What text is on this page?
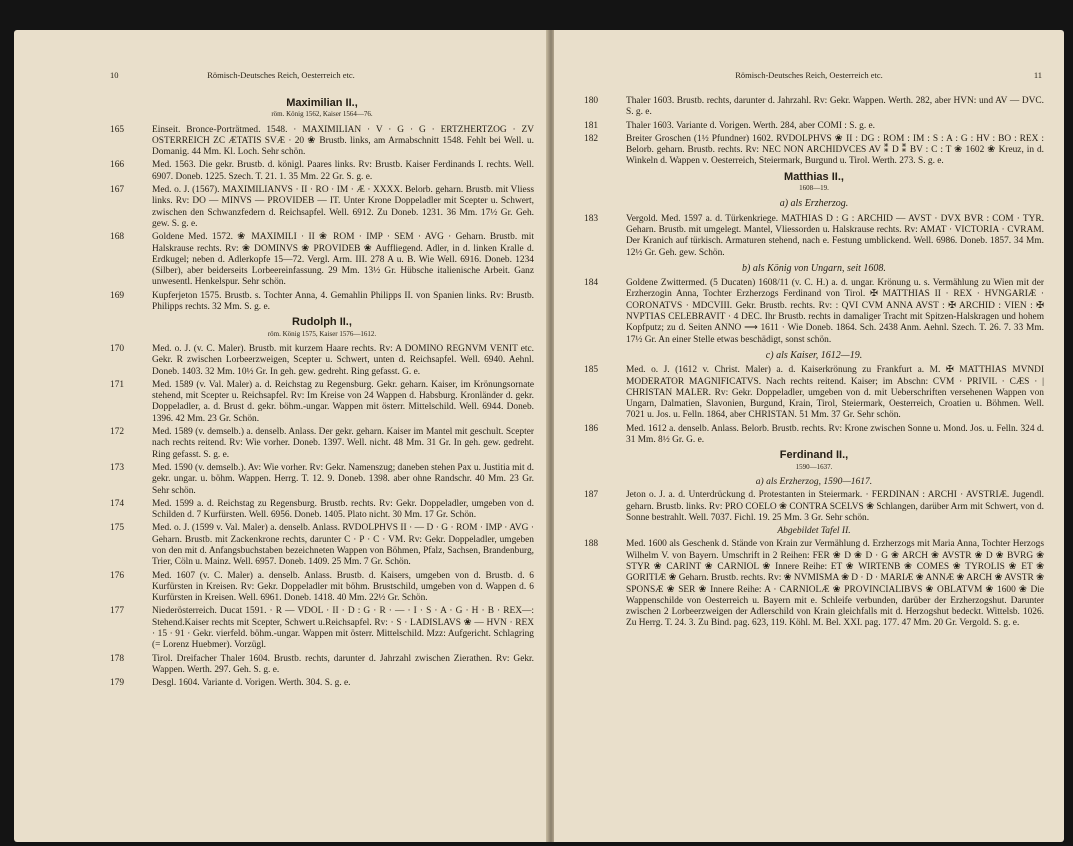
10	Römisch-Deutsches Reich, Oesterreich etc.
Maximilian II.,
röm. König 1562, Kaiser 1564—76.
165	Einseit. Bronce-Porträtmed. 1548. · MAXIMILIAN · V · G · G · ERTZHERTZOG · ZV OSTERREICH ZC ÆTATIS SVÆ · 20 ❀ Brustb. links, am Armabschnitt 1548. Fehlt bei Well. u. Domanig. 44 Mm. Kl. Loch. Sehr schön.
166	Med. 1563. Die gekr. Brustb. d. königl. Paares links. Rv: Brustb. Kaiser Ferdinands I. rechts. Well. 6907. Doneb. 1225. Szech. T. 21. 1. 35 Mm. 22 Gr. S. g. e.
167	Med. o. J. (1567). MAXIMILIANVS · II · RO · IM · Æ · XXXX. Belorb. geharn. Brustb. mit Vliess links. Rv: DO — MINVS — PROVIDEB — IT. Unter Krone Doppeladler mit Scepter u. Schwert, zwischen den Schwanzfedern d. Reichsapfel. Well. 6912. Zu Doneb. 1231. 36 Mm. 17½ Gr. Geh. gew. S. g. e.
168	Goldene Med. 1572. ❀ MAXIMILI · II ❀ ROM · IMP · SEM · AVG · Geharn. Brustb. mit Halskrause rechts. Rv: ❀ DOMINVS ❀ PROVIDEB ❀ Auffliegend. Adler, in d. linken Kralle d. Erdkugel; neben d. Adlerkopfe 15—72. Vergl. Arm. III. 278 A u. B. Wie Well. 6916. Doneb. 1234 (Silber), aber beiderseits Lorbeereinfassung. 29 Mm. 13½ Gr. Hübsche italienische Arbeit. Ganz unwesentl. Henkelspur. Sehr schön.
169	Kupferjeton 1575. Brustb. s. Tochter Anna, 4. Gemahlin Philipps II. von Spanien links. Rv: Brustb. Philipps rechts. 32 Mm. S. g. e.
Rudolph II.,
röm. König 1575, Kaiser 1576—1612.
170	Med. o. J. (v. C. Maler). Brustb. mit kurzem Haare rechts. Rv: A DOMINO REGNVM VENIT etc. Gekr. R zwischen Lorbeerzweigen, Scepter u. Schwert, unten d. Reichsapfel. Well. 6940. Aehnl. Doneb. 1403. 32 Mm. 10½ Gr. In geh. gew. gedreht. Ring gefasst. G. e.
171	Med. 1589 (v. Val. Maler) a. d. Reichstag zu Regensburg. Gekr. geharn. Kaiser, im Krönungsornate stehend, mit Scepter u. Reichsapfel. Rv: Im Kreise von 24 Wappen d. Habsburg. Kronländer d. gekr. Doppeladler, a. d. Brust d. gekr. böhm.-ungar. Wappen mit österr. Mittelschild. Well. 6944. Doneb. 1396. 42 Mm. 23 Gr. Schön.
172	Med. 1589 (v. demselb.) a. denselb. Anlass. Der gekr. geharn. Kaiser im Mantel mit geschult. Scepter nach rechts reitend. Rv: Wie vorher. Doneb. 1397. Well. nicht. 48 Mm. 31 Gr. In geh. gew. gedreht. Ring gefasst. S. g. e.
173	Med. 1590 (v. demselb.). Av: Wie vorher. Rv: Gekr. Namenszug; daneben stehen Pax u. Justitia mit d. gekr. ungar. u. böhm. Wappen. Herrg. T. 12. 9. Doneb. 1398. aber ohne Randschr. 40 Mm. 23 Gr. Sehr schön.
174	Med. 1599 a. d. Reichstag zu Regensburg. Brustb. rechts. Rv: Gekr. Doppeladler, umgeben von d. Schilden d. 7 Kurfürsten. Well. 6956. Doneb. 1405. Plato nicht. 30 Mm. 17 Gr. Schön.
175	Med. o. J. (1599 v. Val. Maler) a. denselb. Anlass. RVDOLPHVS II · — D · G · ROM · IMP · AVG · Geharn. Brustb. mit Zackenkrone rechts, darunter C · P · C · VM. Rv: Gekr. Doppeladler, umgeben von den mit d. Anfangsbuchstaben bezeichneten Wappen von Böhmen, Pfalz, Sachsen, Brandenburg, Trier, Cöln u. Mainz. Well. 6957. Doneb. 1409. 25 Mm. 7 Gr. Schön.
176	Med. 1607 (v. C. Maler) a. denselb. Anlass. Brustb. d. Kaisers, umgeben von d. Brustb. d. 6 Kurfürsten in Kreisen. Rv: Gekr. Doppeladler mit böhm. Brustschild, umgeben von d. Wappen d. 6 Kurfürsten in Kreisen. Well. 6961. Doneb. 1418. 40 Mm. 22½ Gr. Schön.
177	Niederösterreich. Ducat 1591. · R — VDOL · II · D : G · R · — · I · S · A · G · H · B · REX—: Stehend.Kaiser rechts mit Scepter, Schwert u.Reichsapfel. Rv: · S · LADISLAVS ❀ — HVN · REX · 15 · 91 · Gekr. vierfeld. böhm.-ungar. Wappen mit österr. Mittelschild. Mzz: Aufgericht. Schlagring (= Lorenz Huebmer). Vorzügl.
178	Tirol. Dreifacher Thaler 1604. Brustb. rechts, darunter d. Jahrzahl zwischen Zierathen. Rv: Gekr. Wappen. Werth. 297. Geh. S. g. e.
179	Desgl. 1604. Variante d. Vorigen. Werth. 304. S. g. e.
Römisch-Deutsches Reich, Oesterreich etc.	11
180	Thaler 1603. Brustb. rechts, darunter d. Jahrzahl. Rv: Gekr. Wappen. Werth. 282, aber HVN: und AV — DVC. S. g. e.
181	Thaler 1603. Variante d. Vorigen. Werth. 284, aber COMI : S. g. e.
182	Breiter Groschen (1½ Pfundner) 1602. RVDOLPHVS ❀ II : DG : ROM : IM : S : A : G : HV : BO : REX : Belorb. geharn. Brustb. rechts. Rv: NEC NON ARCHIDVCES AV ⁑ D ⁑ BV : C : T ❀ 1602 ❀ Kreuz, in d. Winkeln d. Wappen v. Oesterreich, Steiermark, Burgund u. Tirol. Werth. 273. S. g. e.
Matthias II.,
1608—19.
a) als Erzherzog.
183	Vergold. Med. 1597 a. d. Türkenkriege. MATHIAS D : G : ARCHID — AVST · DVX BVR : COM · TYR. Geharn. Brustb. mit umgelegt. Mantel, Vliessorden u. Halskrause rechts. Rv: AMAT · VICTORIA · CVRAM. Der Kranich auf türkisch. Armaturen stehend, nach e. Festung umblickend. Well. 6986. Doneb. 1857. 34 Mm. 12½ Gr. Geh. gew. Schön.
b) als König von Ungarn, seit 1608.
184	Goldene Zwittermed. (5 Ducaten) 1608/11 (v. C. H.) a. d. ungar. Krönung u. s. Vermählung zu Wien mit der Erzherzogin Anna, Tochter Erzherzogs Ferdinand von Tirol. ✠ MATTHIAS II · REX · HVNGARIÆ · CORONATVS · MDCVIII. Gekr. Brustb. rechts. Rv: : QVI CVM ANNA AVST : ✠ ARCHID : VIEN : ✠ NVPTIAS CELEBRAVIT · 4 DEC. Ihr Brustb. rechts in damaliger Tracht mit Spitzen-Halskragen und hohem Kopfputz; zu d. Seiten ANNO ⟶ 1611 · Wie Doneb. 1864. Sch. 2438 Anm. Aehnl. Szech. T. 26. 7. 33 Mm. 17½ Gr. An einer Stelle etwas beschädigt, sonst schön.
c) als Kaiser, 1612—19.
185	Med. o. J. (1612 v. Christ. Maler) a. d. Kaiserkrönung zu Frankfurt a. M. ✠ MATTHIAS MVNDI MODERATOR MAGNIFICATVS. Nach rechts reitend. Kaiser; im Abschn: CVM · PRIVIL · CÆS · | CHRISTAN MALER. Rv: Gekr. Doppeladler, umgeben von d. mit Ueberschriften versehenen Wappen von Ungarn, Dalmatien, Slavonien, Burgund, Krain, Tirol, Steiermark, Oesterreich, Croatien u. Böhmen. Well. 7021 u. Jos. u. Felln. 1864, aber CHRISTAN. 51 Mm. 37 Gr. Sehr schön.
186	Med. 1612 a. denselb. Anlass. Belorb. Brustb. rechts. Rv: Krone zwischen Sonne u. Mond. Jos. u. Felln. 324 d. 31 Mm. 8½ Gr. G. e.
Ferdinand II.,
1590—1637.
a) als Erzherzog, 1590—1617.
187	Jeton o. J. a. d. Unterdrückung d. Protestanten in Steiermark. · FERDINAN : ARCHI · AVSTRIÆ. Jugendl. geharn. Brustb. links. Rv: PRO COELO ❀ CONTRA SCELVS ❀ Schlangen, darüber Arm mit Schwert, von d. Sonne bestrahlt. Well. 7037. Fichl. 19. 25 Mm. 3 Gr. Sehr schön.
Abgebildet Tafel II.
188	Med. 1600 als Geschenk d. Stände von Krain zur Vermählung d. Erzherzogs mit Maria Anna, Tochter Herzogs Wilhelm V. von Bayern. Umschrift in 2 Reihen: FER ❀ D ❀ D · G ❀ ARCH ❀ AVSTR ❀ D ❀ BVRG ❀ STYR ❀ CARINT ❀ CARNIOL ❀ Innere Reihe: ET ❀ WIRTENB ❀ COMES ❀ TYROLIS ❀ ET ❀ GORITIÆ ❀ Geharn. Brustb. rechts. Rv: ❀ NVMISMA ❀ D · D · MARIÆ ❀ ANNÆ ❀ ARCH ❀ AVSTR ❀ SPONSÆ ❀ SER ❀ Innere Reihe: A · CARNIOLÆ ❀ PROVINCIALIBVS ❀ OBLATVM ❀ 1600 ❀ Die Wappenschilde von Oesterreich u. Bayern mit e. Schleife verbunden, darüber der Erzherzogshut. Darunter zwischen 2 Lorbeerzweigen der Adlerschild von Krain gleichfalls mit d. Herzogshut bedeckt. Wittelsb. 1026. Zu Herrg. T. 24. 3. Zu Bind. pag. 623, 119. Köhl. M. Bel. XXI. pag. 177. 47 Mm. 20 Gr. Vergold. S. g. e.
